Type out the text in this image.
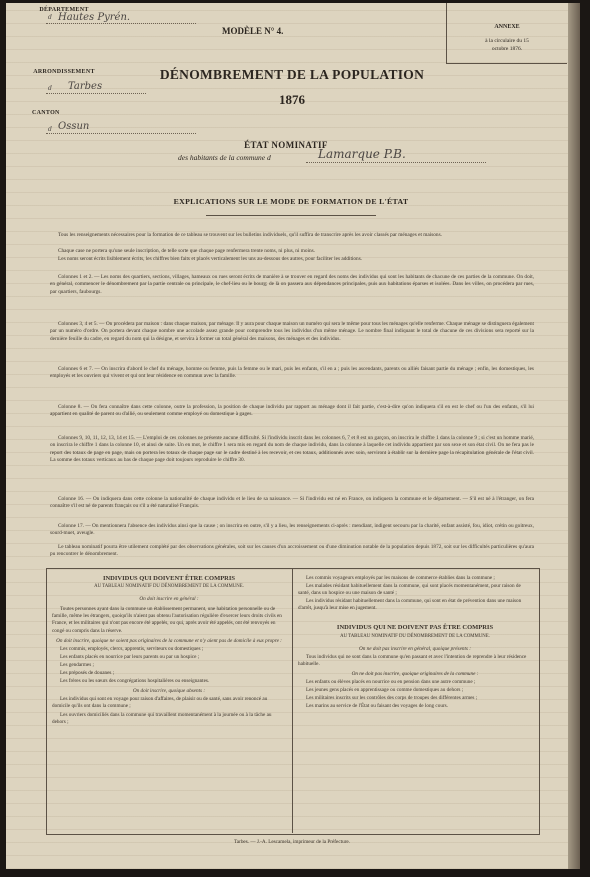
DÉPARTEMENT
d Hautes Pyrén.
ARRONDISSEMENT
d Tarbes
CANTON
d Ossun
MODÈLE N° 4.	ANNEXE
à la circulaire du 15
octobre 1876.
DÉNOMBREMENT DE LA POPULATION
1876
ÉTAT NOMINATIF
des habitants de la commune d	Lamarque P.B.
EXPLICATIONS SUR LE MODE DE FORMATION DE L'ÉTAT
Tous les renseignements nécessaires pour la formation de ce tableau se trouvent sur les bulletins individuels, qu'il suffira de transcrire après les avoir classés par ménages et maisons.
Chaque case ne portera qu'une seule inscription, de telle sorte que chaque page renfermera trente noms, ni plus, ni moins.
Les noms seront écrits lisiblement écrits, les chiffres bien faits et placés verticalement les uns au-dessous des autres, pour faciliter les additions.
Colonnes 1 et 2. — Les noms des quartiers, sections, villages, hameaux ou rues seront écrits de manière à se trouver en regard des noms des individus qui sont les habitants de chacune de ces parties de la commune. On doit, en général, commencer le dénombrement par la partie centrale ou principale, le chef-lieu ou le bourg; de là on passera aux dépendances principales, puis aux habitations éparses et isolées. Dans les villes, on procédera par rues, par quartiers, faubourgs.
Colonnes 3, 4 et 5. — On procédera par maison : dans chaque maison, par ménage. Il y aura pour chaque maison un numéro qui sera le même pour tous les ménages qu'elle renferme. Chaque ménage se distinguera également par un numéro d'ordre. On portera devant chaque nombre une accolade assez grande pour comprendre tous les individus d'un même ménage. Le nombre final indiquant le total de chacune de ces divisions sera reporté sur la dernière feuille du cadre, en regard du nom qui la désigne, et servira à former un total général des maisons, des ménages et des individus.
Colonnes 6 et 7. — On inscrira d'abord le chef du ménage, homme ou femme, puis la femme ou le mari, puis les enfants, s'il en a ; puis les ascendants, parents ou alliés faisant partie du ménage ; enfin, les domestiques, les employés et les ouvriers qui vivent et qui ont leur résidence en commun avec la famille.
Colonne 8. — On fera connaître dans cette colonne, outre la profession, la position de chaque individu par rapport au ménage dont il fait partie, c'est-à-dire qu'on indiquera s'il en est le chef ou l'un des enfants, s'il lui appartient en qualité de parent ou d'allié, ou seulement comme employé ou domestique à gages.
Colonnes 9, 10, 11, 12, 13, 14 et 15. — L'emploi de ces colonnes ne présente aucune difficulté. Si l'individu inscrit dans les colonnes 6, 7 et 8 est un garçon, on inscrira le chiffre 1 dans la colonne 9 ; si c'est un homme marié, on inscrira le chiffre 1 dans la colonne 10, et ainsi de suite. Un en mot, le chiffre 1 sera mis en regard du nom de chaque individu, dans la colonne à laquelle cet individu appartient par son sexe et son état civil. On ne fera pas le report des totaux de page en page, mais on portera les totaux de chaque page sur le cadre destiné à les recevoir, et ces totaux, additionnés avec soin, serviront à établir sur la dernière page la récapitulation générale de l'état civil. La somme des totaux verticaux au bas de chaque page doit toujours reproduire le chiffre 30.
Colonne 16. — On indiquera dans cette colonne la nationalité de chaque individu et le lieu de sa naissance. — Si l'individu est né en France, on indiquera la commune et le département. — S'il est né à l'étranger, on fera connaître s'il est né de parents français ou s'il a été naturalisé Français.
Colonne 17. — On mentionnera l'absence des individus ainsi que la cause ; on inscrira en outre, s'il y a lieu, les renseignements ci-après : mendiant, indigent secouru par la charité, enfant assisté, fou, idiot, crétin ou goitreux, sourd-muet, aveugle.
Le tableau nominatif pourra être utilement complété par des observations générales, soit sur les causes d'un accroissement ou d'une diminution notable de la population depuis 1872, soit sur les difficultés particulières qu'aura pu rencontrer le dénombrement.

INDIVIDUS QUI DOIVENT ÊTRE COMPRIS

AU TABLEAU NOMINATIF DU DÉNOMBREMENT DE LA COMMUNE.

On doit inscrire en général :

Toutes personnes ayant dans la commune un établissement permanent, une habitation personnelle ou de famille, même les étrangers, quoiqu'ils n'aient pas obtenu l'autorisation régulière d'exercer leurs droits civils en France, et les militaires qui n'ont pas encore été appelés, ou qui, après avoir été appelés, ont été renvoyés en congé ou compris dans la réserve.

On doit inscrire, quoique ne soient pas originaires de la commune et n'y aient pas de domicile à eux propre :

Les commis, employés, clercs, apprentis, serviteurs ou domestiques ;

Les enfants placés en nourrice par leurs parents ou par un hospice ;

Les gendarmes ;

Les préposés de douanes ;

Les frères ou les sœurs des congrégations hospitalières ou enseignantes.

On doit inscrire, quoique absents :

Les individus qui sont en voyage pour raison d'affaires, de plaisir ou de santé, sans avoir renoncé au domicile qu'ils ont dans la commune ;

Les ouvriers domiciliés dans la commune qui travaillent momentanément à la journée ou à la tâche au dehors ;

Les commis voyageurs employés par les maisons de commerce établies dans la commune ;

Les malades résidant habituellement dans la commune, qui sont placés momentanément, pour raison de santé, dans un hospice ou une maison de santé ;

Les individus résidant habituellement dans la commune, qui sont en état de prévention dans une maison d'arrêt, jusqu'à leur mise en jugement.

INDIVIDUS QUI NE DOIVENT PAS ÊTRE COMPRIS

AU TABLEAU NOMINATIF DU DÉNOMBREMENT DE LA COMMUNE.

On ne doit pas inscrire en général, quoique présents :

Tous individus qui ne sont dans la commune qu'en passant et avec l'intention de reprendre à leur résidence habituelle.

On ne doit pas inscrire, quoique originaires de la commune :

Les enfants ou élèves placés en nourrice ou en pension dans une autre commune ;

Les jeunes gens placés en apprentissage ou comme domestiques au dehors ;

Les militaires inscrits sur les contrôles des corps de troupes des différentes armes ;

Les marins au service de l'État ou faisant des voyages de long cours.

Tarbes. — J.-A. Lescamela, imprimeur de la Préfecture.
